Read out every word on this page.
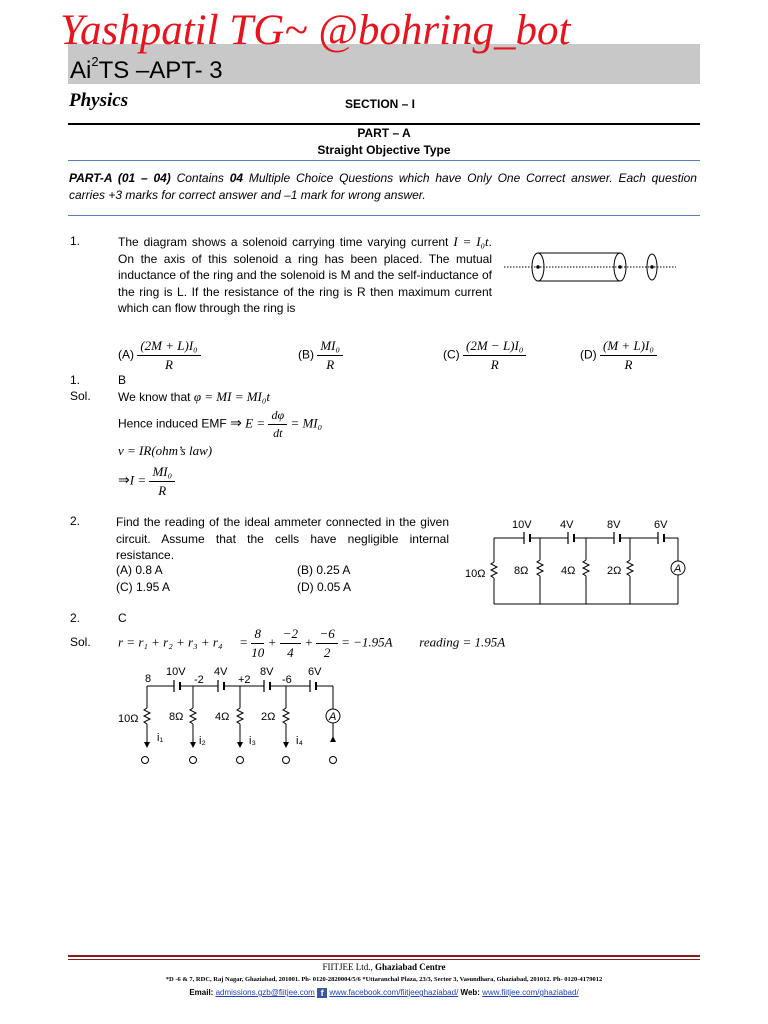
Ai$^2$TS –APT- 3
Yashpatil TG~ @bohring_bot
Physics	SECTION – I
PART – A
Straight Objective Type
PART-A (01 – 04) Contains 04 Multiple Choice Questions which have Only One Correct answer. Each question carries +3 marks for correct answer and –1 mark for wrong answer.
1.	The diagram shows a solenoid carrying time varying current I = I₀t. On the axis of this solenoid a ring has been placed. The mutual inductance of the ring and the solenoid is M and the self-inductance of the ring is L. If the resistance of the ring is R then maximum current which can flow through the ring is
$(A) \frac{\text{(2M + L)I₀}}{R}$	$(B) \frac{\text{MI₀}}{R}$	$(C) \frac{\text{(2M − L)I₀}}{R}$	$(D) \frac{\text{(M + L)I₀}}{R}$
1.	B
Sol. We know that φ = MI = MI₀t
Hence induced EMF ⇒ $E = \frac{d\varphi}{dt} = MI_0$
v = IR(ohm’s law)
⇒I = $\frac{\text{MI₀}}{R}$
2.	Find the reading of the ideal ammeter connected in the given circuit. Assume that the cells have negligible internal resistance.
(A) 0.8 A	(B) 0.25 A
(C) 1.95 A	(D) 0.05 A
10V	4V	8V	6V
10Ω	8Ω	4Ω	2Ω	A
2.	C
Sol. $r = r_1 + r_2 + r_3 + r_4 = \frac{8}{10} + \frac{-2}{4} + \frac{-6}{2} = -1.95A$ reading = 1.95A
8
10V	4V	8V	6V
-2	+2	-6
10Ω	8Ω	4Ω	2Ω	A
i₁	i₂	i₃	i₄
FIITJEE Ltd., Ghaziabad Centre
*D -6 & 7, RDC, Raj Nagar, Ghaziabad, 201001. Ph- 0120-2820004/5/6 *Uttaranchal Plaza, 23/3, Sector 3, Vasundhara, Ghaziabad, 201012. Ph- 0120-4179012
Email: admissions.gzb@fiitjee.com f www.facebook.com/fiitjeeghaziabad/ Web: www.fiitjee.com/ghaziabad/
